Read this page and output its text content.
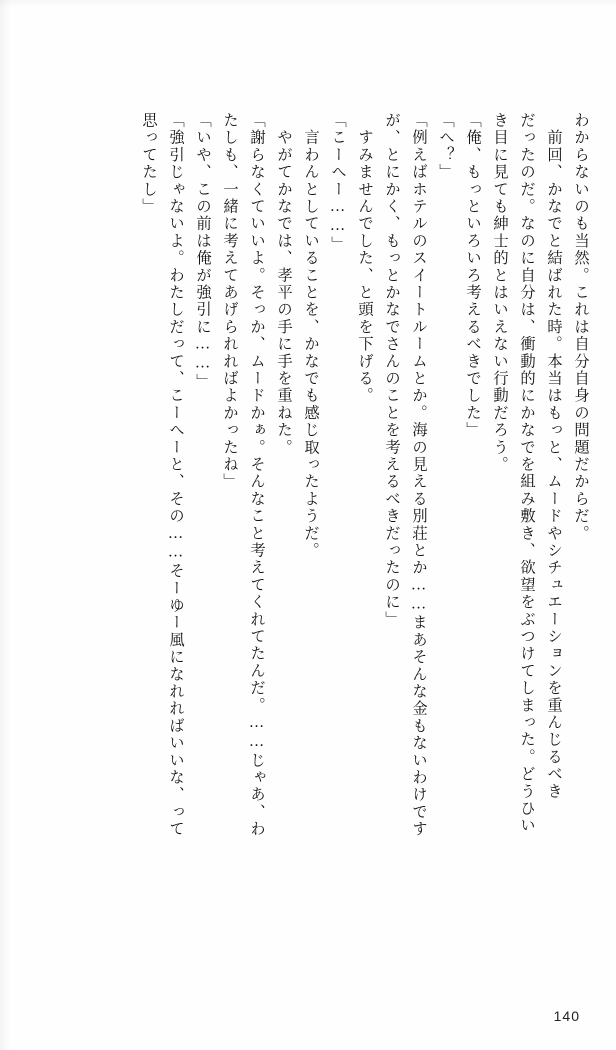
わからないのも当然。これは自分自身の問題だからだ。
　前回、かなでと結ばれた時。本当はもっと、ムードやシチュエーションを重んじるべき
だったのだ。なのに自分は、衝動的にかなでを組み敷き、欲望をぶつけてしまった。どうひい
き目に見ても紳士的とはいえない行動だろう。
「俺、もっといろいろ考えるべきでした」
「へ？」
「例えばホテルのスイートルームとか。海の見える別荘とか……まあそんな金もないわけです
が、とにかく、もっとかなでさんのことを考えるべきだったのに」
　すみませんでした、と頭を下げる。
「こーへー……」
　言わんとしていることを、かなでも感じ取ったようだ。
　やがてかなでは、孝平の手に手を重ねた。
「謝らなくていいよ。そっか、ムードかぁ。そんなこと考えてくれてたんだ。……じゃあ、わ
たしも、一緒に考えてあげられればよかったね」
「いや、この前は俺が強引に……」
「強引じゃないよ。わたしだって、こーへーと、その……そーゆー風になれればいいな、って
思ってたし」
140
